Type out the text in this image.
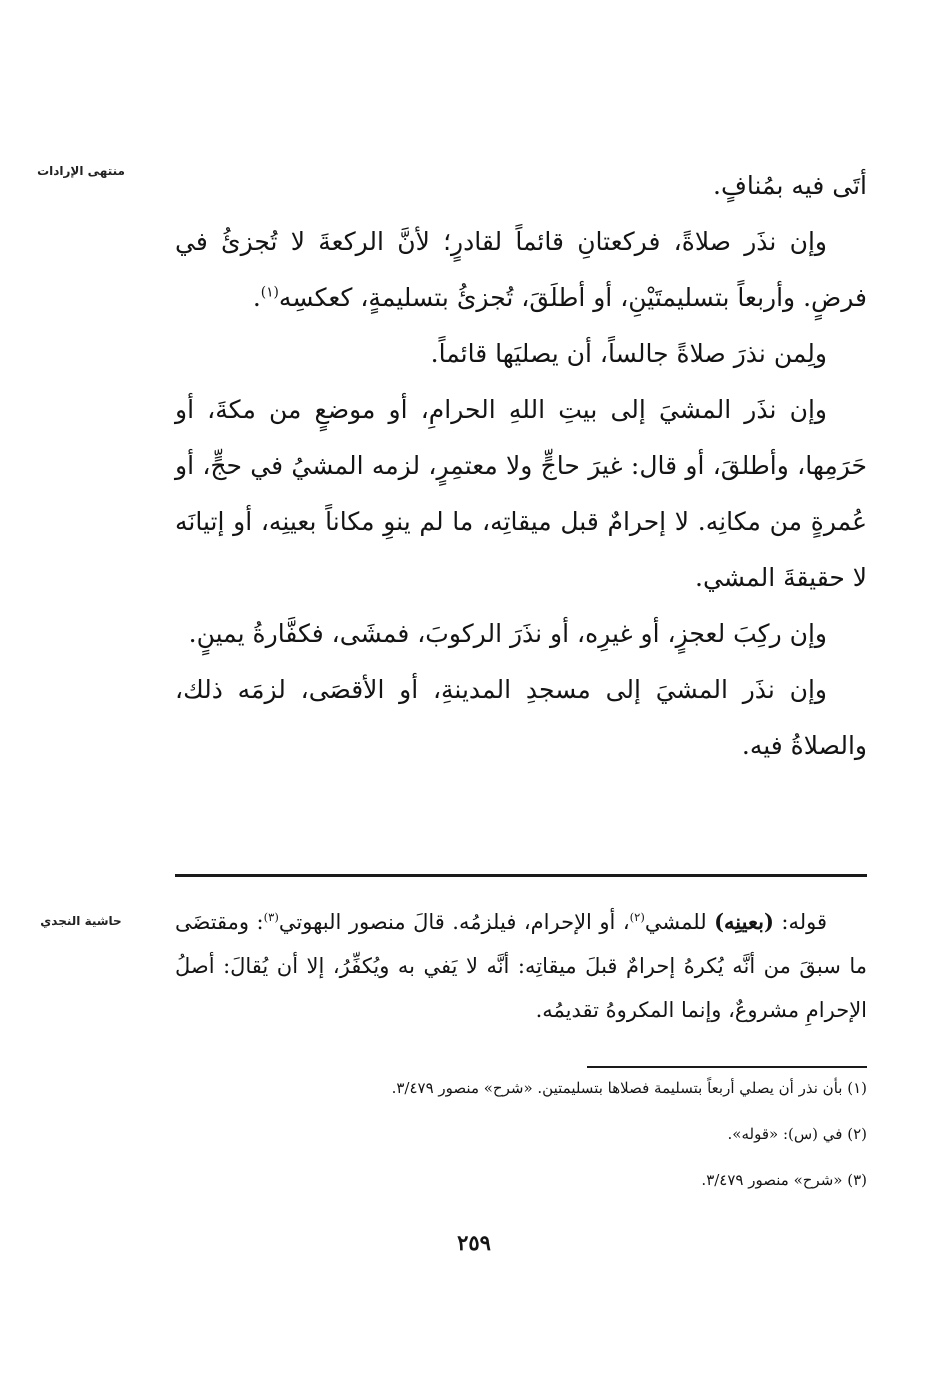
منتهى الإرادات
حاشية النجدي

أتَى فيه بمُنافٍ.

وإن نذَر صلاةً، فركعتانِ قائماً لقادرٍ؛ لأنَّ الركعةَ لا تُجزئُ في فرضٍ. وأربعاً بتسليمتَيْنِ، أو أطلَقَ، تُجزئُ بتسليمةٍ، كعكسِه$^{(١)}$.

ولِمن نذرَ صلاةً جالساً، أن يصليَها قائماً.

وإن نذَر المشيَ إلى بيتِ اللهِ الحرامِ، أو موضعٍ من مكةَ، أو حَرَمِها، وأطلقَ، أو قال: غيرَ حاجٍّ ولا معتمِرٍ، لزمه المشيُ في حجٍّ، أو عُمرةٍ من مكانِه. لا إحرامٌ قبل ميقاتِه، ما لم ينوِ مكاناً بعينِه، أو إتيانَه لا حقيقةَ المشي.

وإن ركِبَ لعجزٍ، أو غيرِه، أو نذَرَ الركوبَ، فمشَى، فكفَّارةُ يمينٍ.

وإن نذَر المشيَ إلى مسجدِ المدينةِ، أو الأقصَى، لزمَه ذلك، والصلاةُ فيه.

قوله: (بعينِه) للمشي$^{(٢)}$، أو الإحرام، فيلزمُه. قالَ منصور البهوتي$^{(٣)}$: ومقتضَى ما سبقَ من أنَّه يُكرهُ إحرامٌ قبلَ ميقاتِه: أنَّه لا يَفي به ويُكفِّرُ، إلا أن يُقالَ: أصلُ الإحرامِ مشروعٌ، وإنما المكروهُ تقديمُه.

(١) بأن نذر أن يصلي أربعاً بتسليمة فصلاها بتسليمتين. «شرح» منصور ٣/٤٧٩.

(٢) في (س): «قوله».

(٣) «شرح» منصور ٣/٤٧٩.

٢٥٩
